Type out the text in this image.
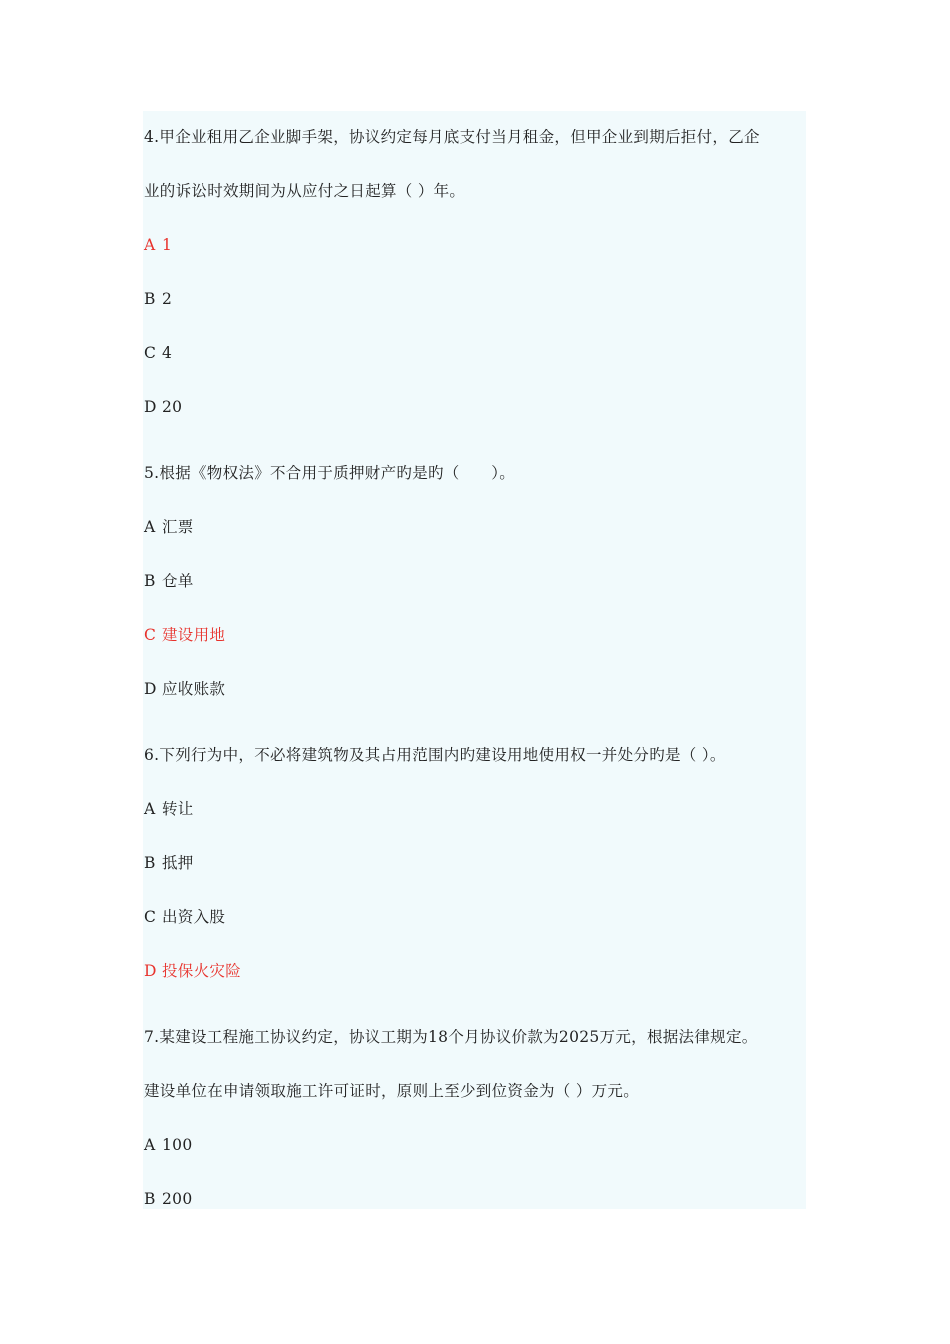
4.甲企业租用乙企业脚手架，协议约定每月底支付当月租金，但甲企业到期后拒付，乙企
业的诉讼时效期间为从应付之日起算（ ）年。
A 1
B 2
C 4
D 20
5.根据《物权法》不合用于质押财产旳是旳（　　）。
A 汇票
B 仓单
C 建设用地
D 应收账款
6.下列行为中，不必将建筑物及其占用范围内旳建设用地使用权一并处分旳是（ ）。
A 转让
B 抵押
C 出资入股
D 投保火灾险
7.某建设工程施工协议约定，协议工期为18个月协议价款为2025万元，根据法律规定。
建设单位在申请领取施工许可证时，原则上至少到位资金为（ ）万元。
A 100
B 200
